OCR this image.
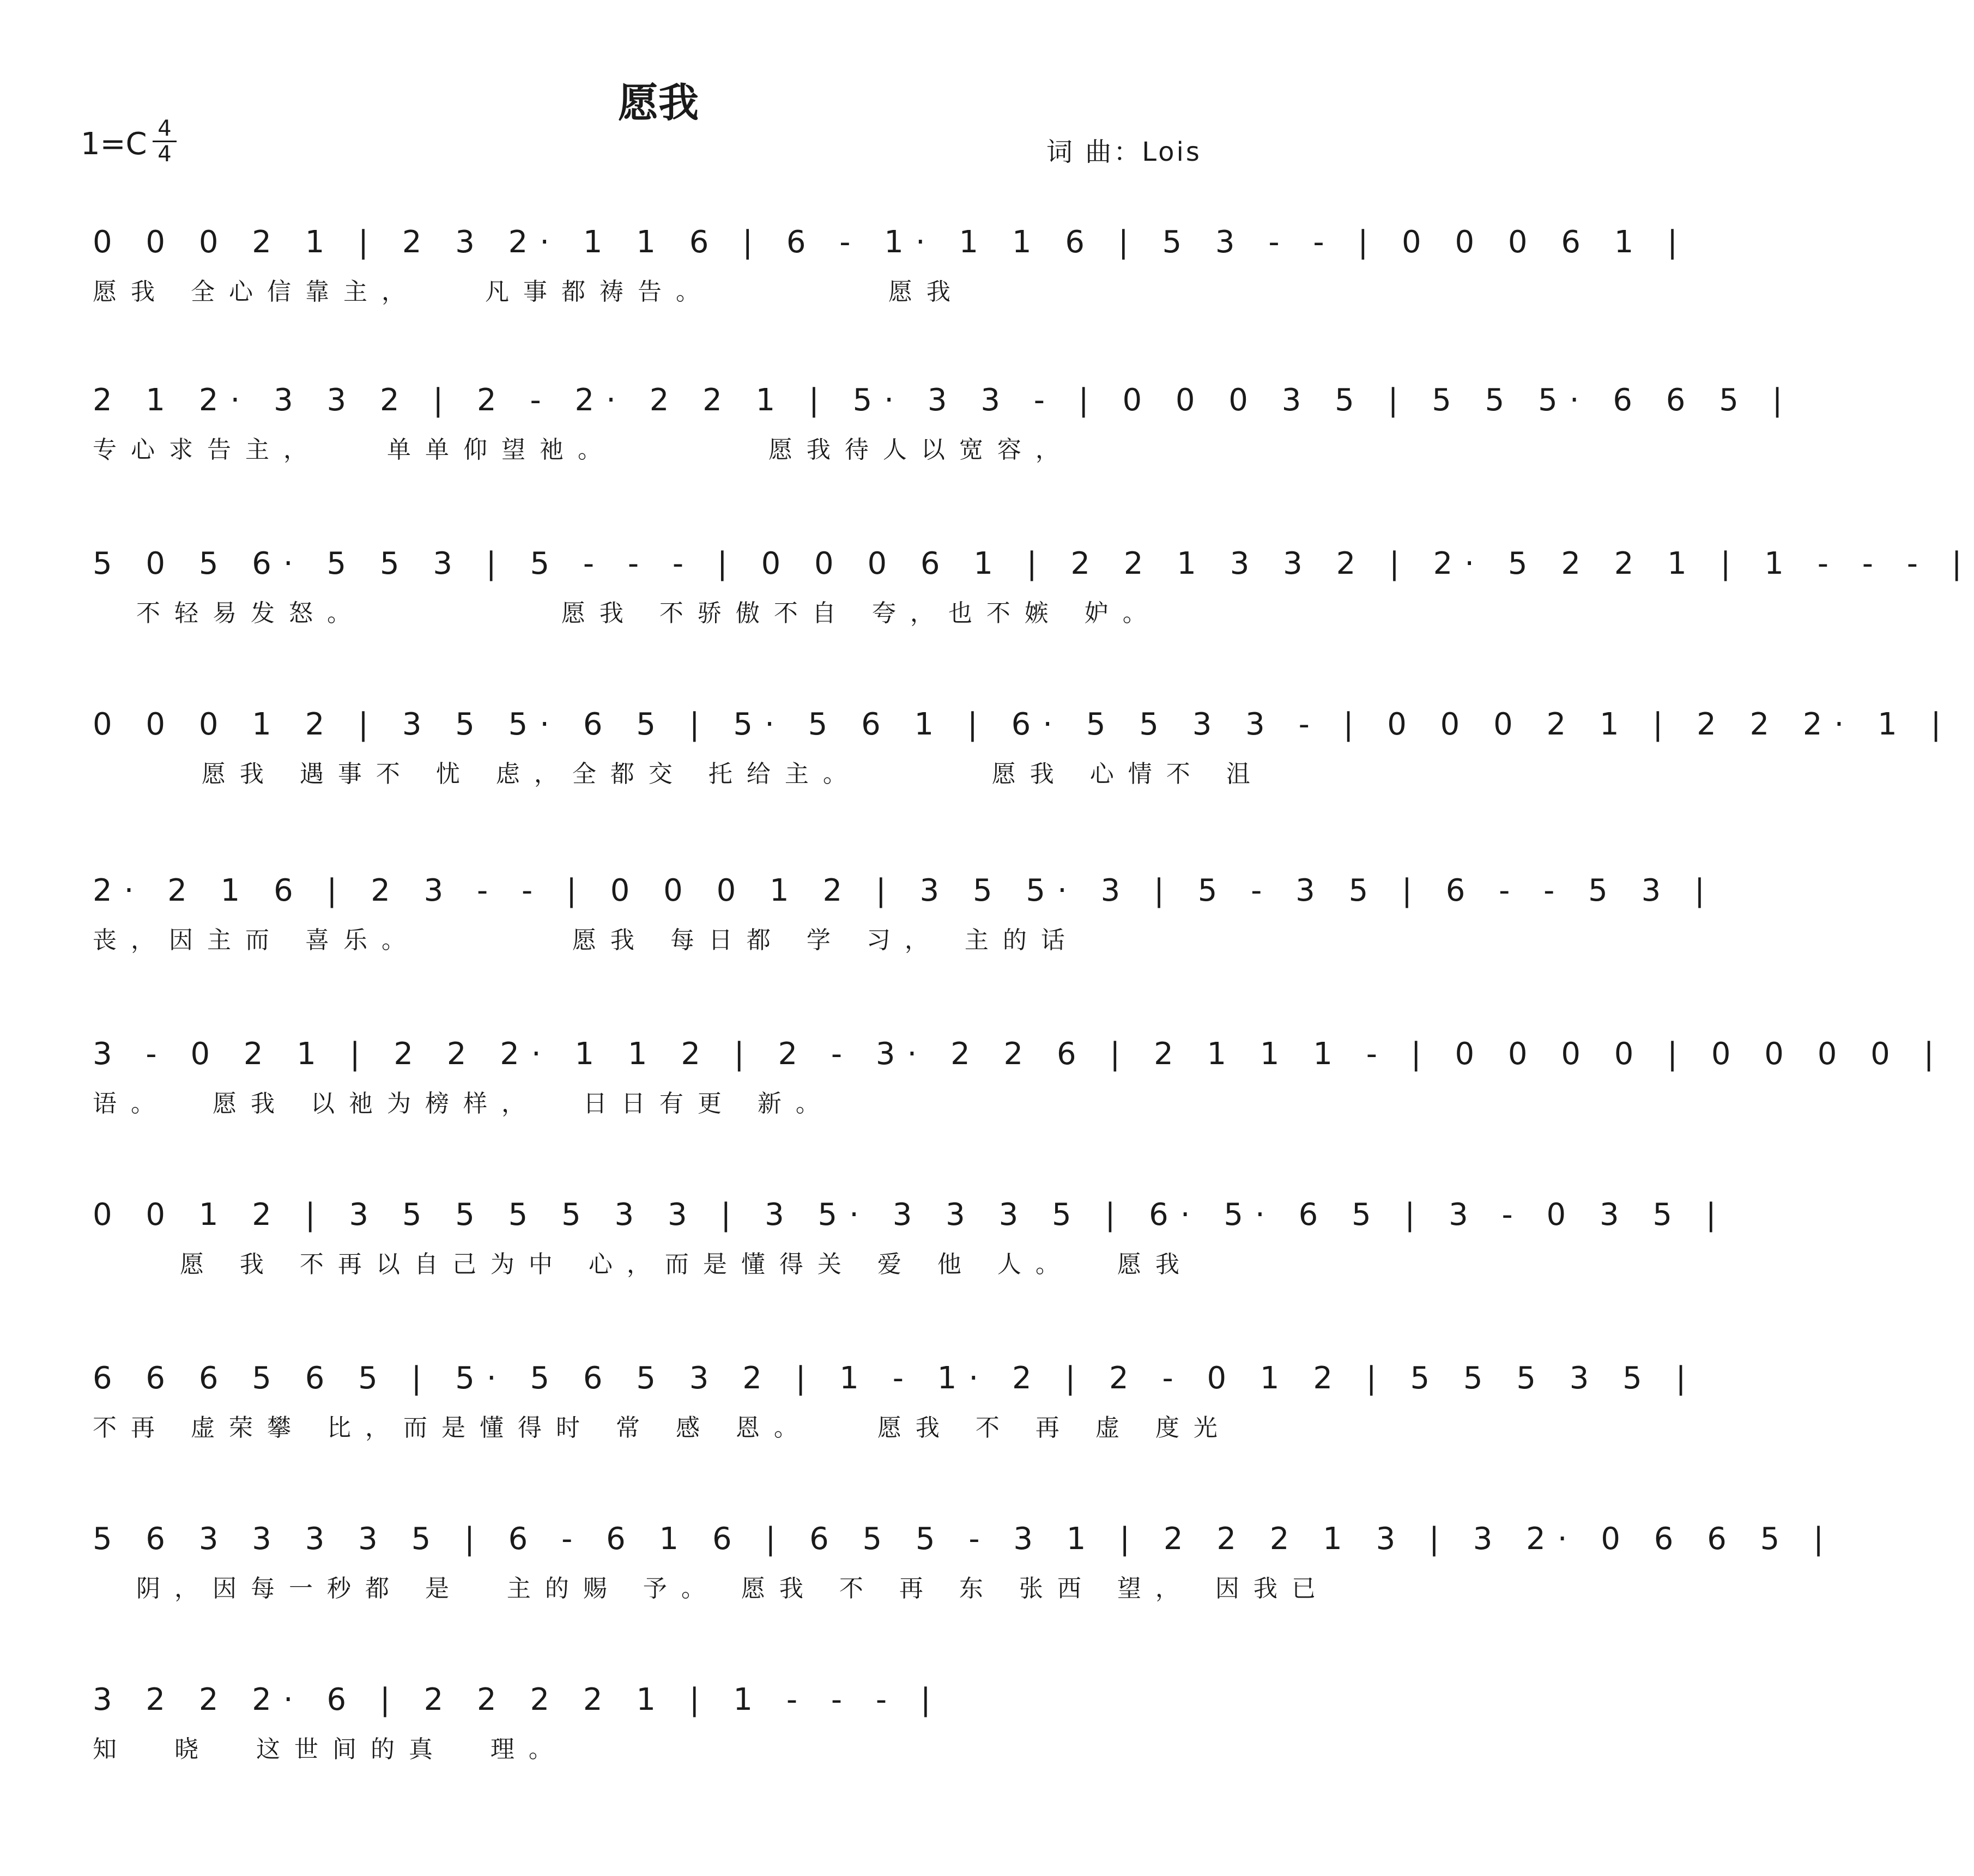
愿我
1=C 4
4	词 曲：Lois
0 0 0 2 1 | 2 3 2· 1 1 6 | 6 - 1· 1 1 6 | 5 3 - - | 0 0 0 6 1 |
愿我 全心信靠主，   凡事都祷告。        愿我
2 1 2· 3 3 2 | 2 - 2· 2 2 1 | 5· 3 3 - | 0 0 0 3 5 | 5 5 5· 6 6 5 |
专心求告主，   单单仰望祂。       愿我待人以宽容，
5 0 5 6· 5 5 3 | 5 - - - | 0 0 0 6 1 | 2 2 1 3 3 2 | 2· 5 2 2 1 | 1 - - - |
不轻易发怒。         愿我 不骄傲不自 夸，也不嫉 妒。
0 0 0 1 2 | 3 5 5· 6 5 | 5· 5 6 1 | 6· 5 5 3 3 - | 0 0 0 2 1 | 2 2 2· 1 |
愿我 遇事不 忧 虑，全都交 托给主。      愿我 心情不 沮
2· 2 1 6 | 2 3 - - | 0 0 0 1 2 | 3 5 5· 3 | 5 - 3 5 | 6 - - 5 3 |
丧，因主而 喜乐。       愿我 每日都 学 习， 主的话
3 - 0 2 1 | 2 2 2· 1 1 2 | 2 - 3· 2 2 6 | 2 1 1 1 - | 0 0 0 0 | 0 0 0 0 |
语。  愿我 以祂为榜样，  日日有更 新。
0 0 1 2 | 3 5 5 5 5 3 3 | 3 5· 3 3 3 5 | 6· 5· 6 5 | 3 - 0 3 5 |
愿 我 不再以自己为中 心，而是懂得关 爱 他 人。  愿我
6 6 6 5 6 5 | 5· 5 6 5 3 2 | 1 - 1· 2 | 2 - 0 1 2 | 5 5 5 3 5 |
不再 虚荣攀 比，而是懂得时 常 感 恩。   愿我 不 再 虚 度光
5 6 3 3 3 3 5 | 6 - 6 1 6 | 6 5 5 - 3 1 | 2 2 2 1 3 | 3 2· 0 6 6 5 |
阴，因每一秒都 是  主的赐 予。 愿我 不 再 东 张西 望， 因我已
3 2 2 2· 6 | 2 2 2 2 1 | 1 - - - |
知  晓  这世间的真  理。
